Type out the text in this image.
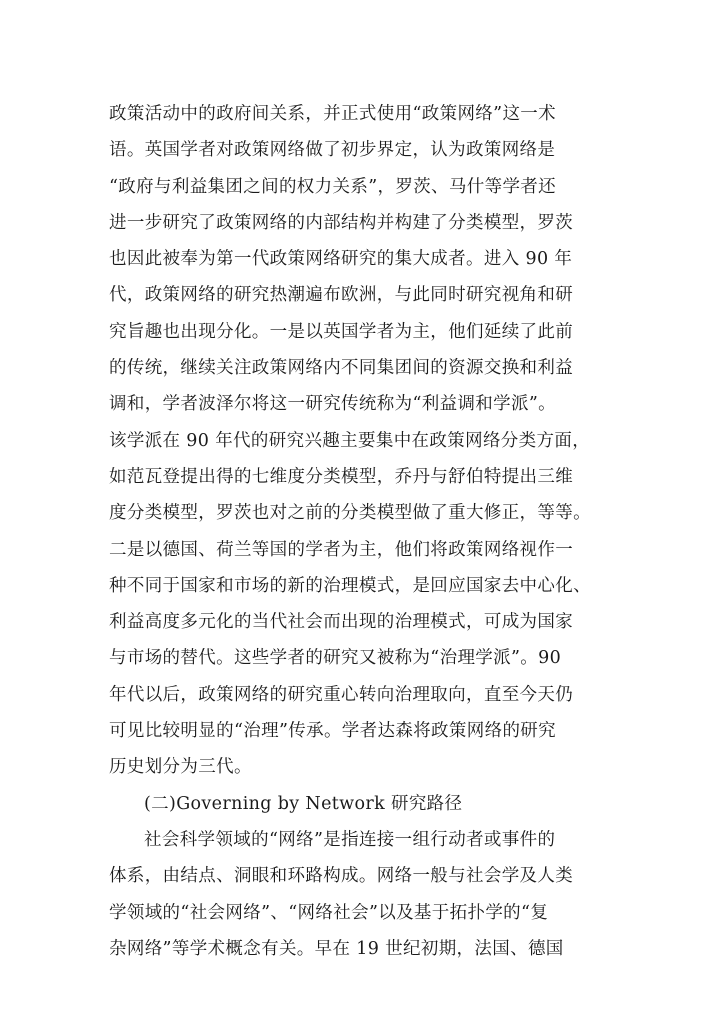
政策活动中的政府间关系，并正式使用“政策网络”这一术
语。英国学者对政策网络做了初步界定，认为政策网络是
“政府与利益集团之间的权力关系”，罗茨、马什等学者还
进一步研究了政策网络的内部结构并构建了分类模型，罗茨
也因此被奉为第一代政策网络研究的集大成者。进入 90 年
代，政策网络的研究热潮遍布欧洲，与此同时研究视角和研
究旨趣也出现分化。一是以英国学者为主，他们延续了此前
的传统，继续关注政策网络内不同集团间的资源交换和利益
调和，学者波泽尔将这一研究传统称为“利益调和学派”。
该学派在 90 年代的研究兴趣主要集中在政策网络分类方面，
如范瓦登提出得的七维度分类模型，乔丹与舒伯特提出三维
度分类模型，罗茨也对之前的分类模型做了重大修正，等等。
二是以德国、荷兰等国的学者为主，他们将政策网络视作一
种不同于国家和市场的新的治理模式，是回应国家去中心化、
利益高度多元化的当代社会而出现的治理模式，可成为国家
与市场的替代。这些学者的研究又被称为“治理学派”。90
年代以后，政策网络的研究重心转向治理取向，直至今天仍
可见比较明显的“治理”传承。学者达森将政策网络的研究
历史划分为三代。
(二)Governing by Network 研究路径
社会科学领域的“网络”是指连接一组行动者或事件的
体系，由结点、洞眼和环路构成。网络一般与社会学及人类
学领域的“社会网络”、“网络社会”以及基于拓扑学的“复
杂网络”等学术概念有关。早在 19 世纪初期，法国、德国
